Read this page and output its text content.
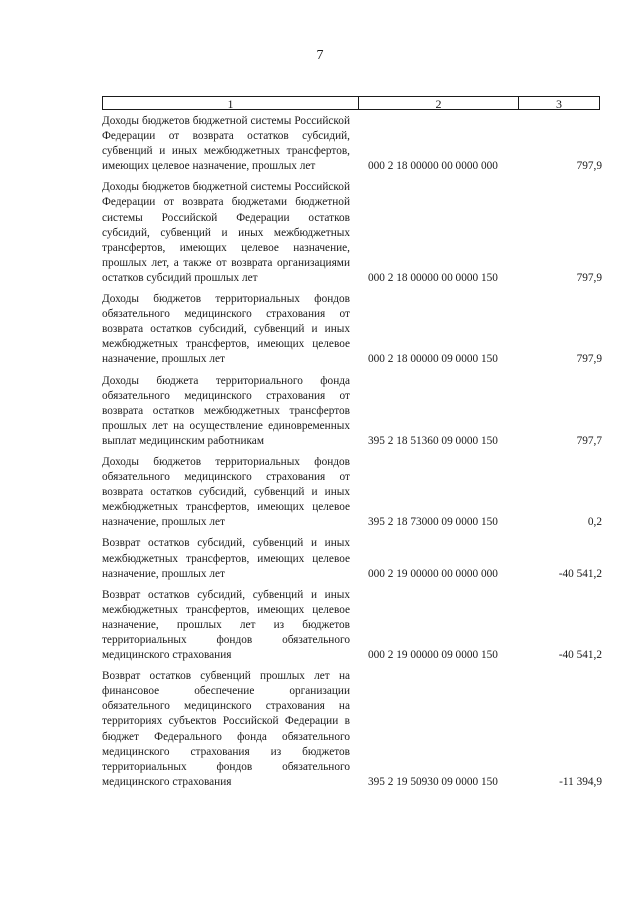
7
1	2	3
Доходы бюджетов бюджетной системы Российской Федерации от возврата остатков субсидий, субвенций и иных межбюджетных трансфертов, имеющих целевое назначение, прошлых лет	000 2 18 00000 00 0000 000	797,9
Доходы бюджетов бюджетной системы Российской Федерации от возврата бюджетами бюджетной системы Российской Федерации остатков субсидий, субвенций и иных межбюджетных трансфертов, имеющих целевое назначение, прошлых лет, а также от возврата организациями остатков субсидий прошлых лет	000 2 18 00000 00 0000 150	797,9
Доходы бюджетов территориальных фондов обязательного медицинского страхования от возврата остатков субсидий, субвенций и иных межбюджетных трансфертов, имеющих целевое назначение, прошлых лет	000 2 18 00000 09 0000 150	797,9
Доходы бюджета территориального фонда обязательного медицинского страхования от возврата остатков межбюджетных трансфертов прошлых лет на осуществление единовременных выплат медицинским работникам	395 2 18 51360 09 0000 150	797,7
Доходы бюджетов территориальных фондов обязательного медицинского страхования от возврата остатков субсидий, субвенций и иных межбюджетных трансфертов, имеющих целевое назначение, прошлых лет	395 2 18 73000 09 0000 150	0,2
Возврат остатков субсидий, субвенций и иных межбюджетных трансфертов, имеющих целевое назначение, прошлых лет	000 2 19 00000 00 0000 000	-40 541,2
Возврат остатков субсидий, субвенций и иных межбюджетных трансфертов, имеющих целевое назначение, прошлых лет из бюджетов территориальных фондов обязательного медицинского страхования	000 2 19 00000 09 0000 150	-40 541,2
Возврат остатков субвенций прошлых лет на финансовое обеспечение организации обязательного медицинского страхования на территориях субъектов Российской Федерации в бюджет Федерального фонда обязательного медицинского страхования из бюджетов территориальных фондов обязательного медицинского страхования	395 2 19 50930 09 0000 150	-11 394,9
